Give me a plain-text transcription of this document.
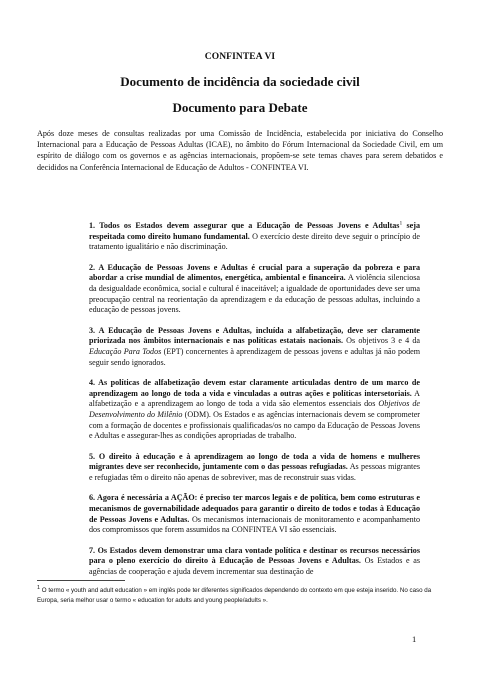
CONFINTEA VI
Documento de incidência da sociedade civil
Documento para Debate

Após doze meses de consultas realizadas por uma Comissão de Incidência, estabelecida por iniciativa do Conselho Internacional para a Educação de Pessoas Adultas (ICAE), no âmbito do Fórum Internacional da Sociedade Civil, em um espírito de diálogo com os governos e as agências internacionais, propõem-se sete temas chaves para serem debatidos e decididos na Conferência Internacional de Educação de Adultos - CONFINTEA VI.

1. Todos os Estados devem assegurar que a Educação de Pessoas Jovens e Adultas$^1$ seja respeitada como direito humano fundamental. O exercício deste direito deve seguir o princípio de tratamento igualitário e não discriminação.

2. A Educação de Pessoas Jovens e Adultas é crucial para a superação da pobreza e para abordar a crise mundial de alimentos, energética, ambiental e financeira. A violência silenciosa da desigualdade econômica, social e cultural é inaceitável; a igualdade de oportunidades deve ser uma preocupação central na reorientação da aprendizagem e da educação de pessoas adultas, incluindo a educação de pessoas jovens.

3. A Educação de Pessoas Jovens e Adultas, incluída a alfabetização, deve ser claramente priorizada nos âmbitos internacionais e nas políticas estatais nacionais. Os objetivos 3 e 4 da Educação Para Todos (EPT) concernentes à aprendizagem de pessoas jovens e adultas já não podem seguir sendo ignorados.

4. As políticas de alfabetização devem estar claramente articuladas dentro de um marco de aprendizagem ao longo de toda a vida e vinculadas a outras ações e políticas intersetoriais. A alfabetização e a aprendizagem ao longo de toda a vida são elementos essenciais dos Objetivos de Desenvolvimento do Milênio (ODM). Os Estados e as agências internacionais devem se comprometer com a formação de docentes e profissionais qualificadas/os no campo da Educação de Pessoas Jovens e Adultas e assegurar-lhes as condições apropriadas de trabalho.

5. O direito à educação e à aprendizagem ao longo de toda a vida de homens e mulheres migrantes deve ser reconhecido, juntamente com o das pessoas refugiadas. As pessoas migrantes e refugiadas têm o direito não apenas de sobreviver, mas de reconstruir suas vidas.

6. Agora é necessária a AÇÃO: é preciso ter marcos legais e de política, bem como estruturas e mecanismos de governabilidade adequados para garantir o direito de todos e todas à Educação de Pessoas Jovens e Adultas. Os mecanismos internacionais de monitoramento e acompanhamento dos compromissos que forem assumidos na CONFINTEA VI são essenciais.

7. Os Estados devem demonstrar uma clara vontade política e destinar os recursos necessários para o pleno exercício do direito à Educação de Pessoas Jovens e Adultas. Os Estados e as agências de cooperação e ajuda devem incrementar sua destinação de

$^1$ O termo « youth and adult education » em inglês pode ter diferentes significados dependendo do contexto em que esteja inserido. No caso da Europa, seria melhor usar o termo « education for adults and young people/adults ».
1
